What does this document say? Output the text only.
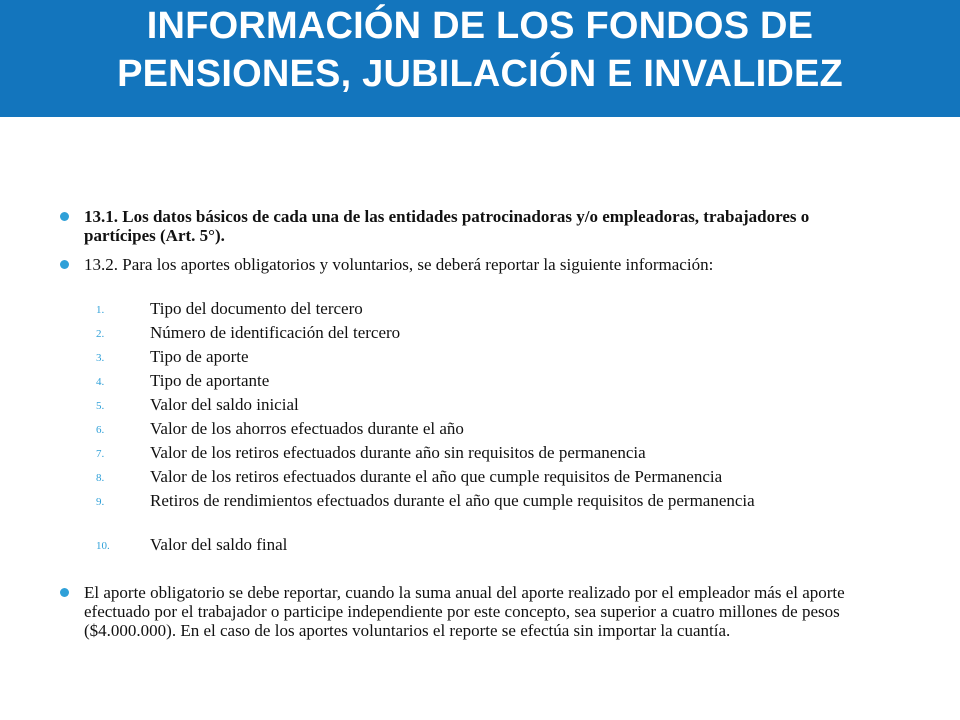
INFORMACIÓN DE LOS FONDOS DE
PENSIONES, JUBILACIÓN E INVALIDEZ
13.1. Los datos básicos de cada una de las entidades patrocinadoras y/o empleadoras, trabajadores o partícipes (Art. 5°).
13.2. Para los aportes obligatorios y voluntarios, se deberá reportar la siguiente información:
1.	Tipo del documento del tercero
2.	Número de identificación del tercero
3.	Tipo de aporte
4.	Tipo de aportante
5.	Valor del saldo inicial
6.	Valor de los ahorros efectuados durante el año
7.	Valor de los retiros efectuados durante año sin requisitos de permanencia
8.	Valor de los retiros efectuados durante el año que cumple requisitos de Permanencia
9.	Retiros de rendimientos efectuados durante el año que cumple requisitos de permanencia
10.	Valor del saldo final
El aporte obligatorio se debe reportar, cuando la suma anual del aporte realizado por el empleador más el aporte efectuado por el trabajador o participe independiente por este concepto, sea superior a cuatro millones de pesos ($4.000.000). En el caso de los aportes voluntarios el reporte se efectúa sin importar la cuantía.
